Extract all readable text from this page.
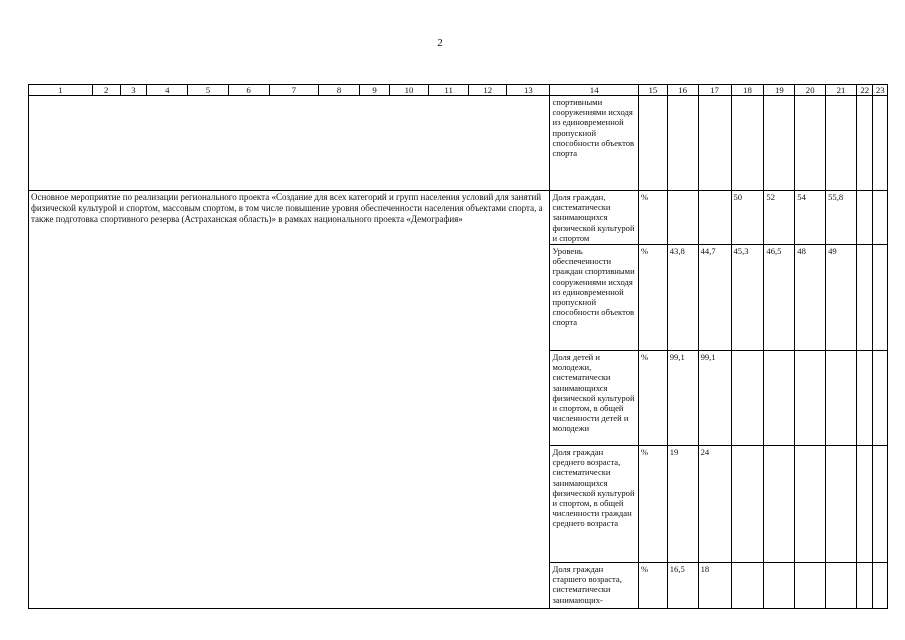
2
1	2	3	4	5	6	7	8	9	10	11	12	13	14	15	16	17	18	19	20	21	22	23
													спортивными сооружениями исходя из единовременной пропускной способности объектов спорта									
Основное мероприятие по реализации регионального проекта «Создание для всех категорий и групп населения условий для занятий физической культурой и спортом, массовым спортом, в том числе повышение уровня обеспеченности населения объектами спорта, а также подготовка спортивного резерва (Астраханская область)» в рамках национального проекта «Демография»													Доля граждан, систематически занимающихся физической культурой и спортом	%			50	52	54	55,8		
													Уровень обеспеченности граждан спортивными сооружениями исходя из единовременной пропускной способности объектов спорта	%	43,8	44,7	45,3	46,5	48	49		
													Доля детей и молодежи, систематически занимающихся физической культурой и спортом, в общей численности детей и молодежи	%	99,1	99,1						
													Доля граждан среднего возраста, систематически занимающихся физической культурой и спортом, в общей численности граждан среднего возраста	%	19	24						
													Доля граждан старшего возраста, систематически занимающих-	%	16,5	18						
